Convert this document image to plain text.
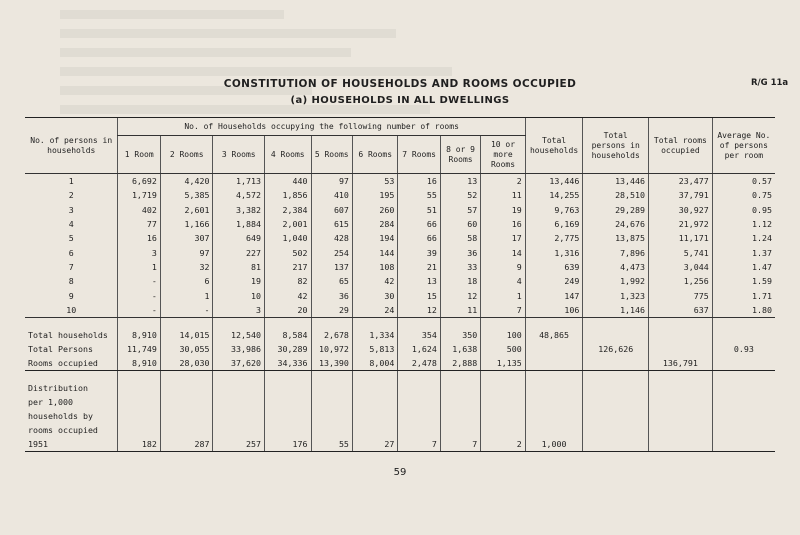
CONSTITUTION OF HOUSEHOLDS AND ROOMS OCCUPIED	R/G 11a
(a) HOUSEHOLDS IN ALL DWELLINGS
No. of persons in households	No. of Households occupying the following number of rooms									Total households	Total persons in households	Total rooms occupied	Average No. of persons per room
	1 Room	2 Rooms	3 Rooms	4 Rooms	5 Rooms	6 Rooms	7 Rooms	8 or 9 Rooms	10 or more Rooms				
1	6,692	4,420	1,713	440	97	53	16	13	2	13,446	13,446	23,477	0.57
2	1,719	5,385	4,572	1,856	410	195	55	52	11	14,255	28,510	37,791	0.75
3	402	2,601	3,382	2,384	607	260	51	57	19	9,763	29,289	30,927	0.95
4	77	1,166	1,884	2,001	615	284	66	60	16	6,169	24,676	21,972	1.12
5	16	307	649	1,040	428	194	66	58	17	2,775	13,875	11,171	1.24
6	3	97	227	502	254	144	39	36	14	1,316	7,896	5,741	1.37
7	1	32	81	217	137	108	21	33	9	639	4,473	3,044	1.47
8	-	6	19	82	65	42	13	18	4	249	1,992	1,256	1.59
9	-	1	10	42	36	30	15	12	1	147	1,323	775	1.71
10	-	-	3	20	29	24	12	11	7	106	1,146	637	1.80

Total households	8,910	14,015	12,540	8,584	2,678	1,334	354	350	100	48,865			
Total Persons	11,749	30,055	33,986	30,289	10,972	5,813	1,624	1,638	500		126,626		0.93
Rooms occupied	8,910	28,030	37,620	34,336	13,390	8,004	2,478	2,888	1,135			136,791	

Distribution													
per 1,000													
households by													
rooms occupied													
1951	182	287	257	176	55	27	7	7	2	1,000			
59
